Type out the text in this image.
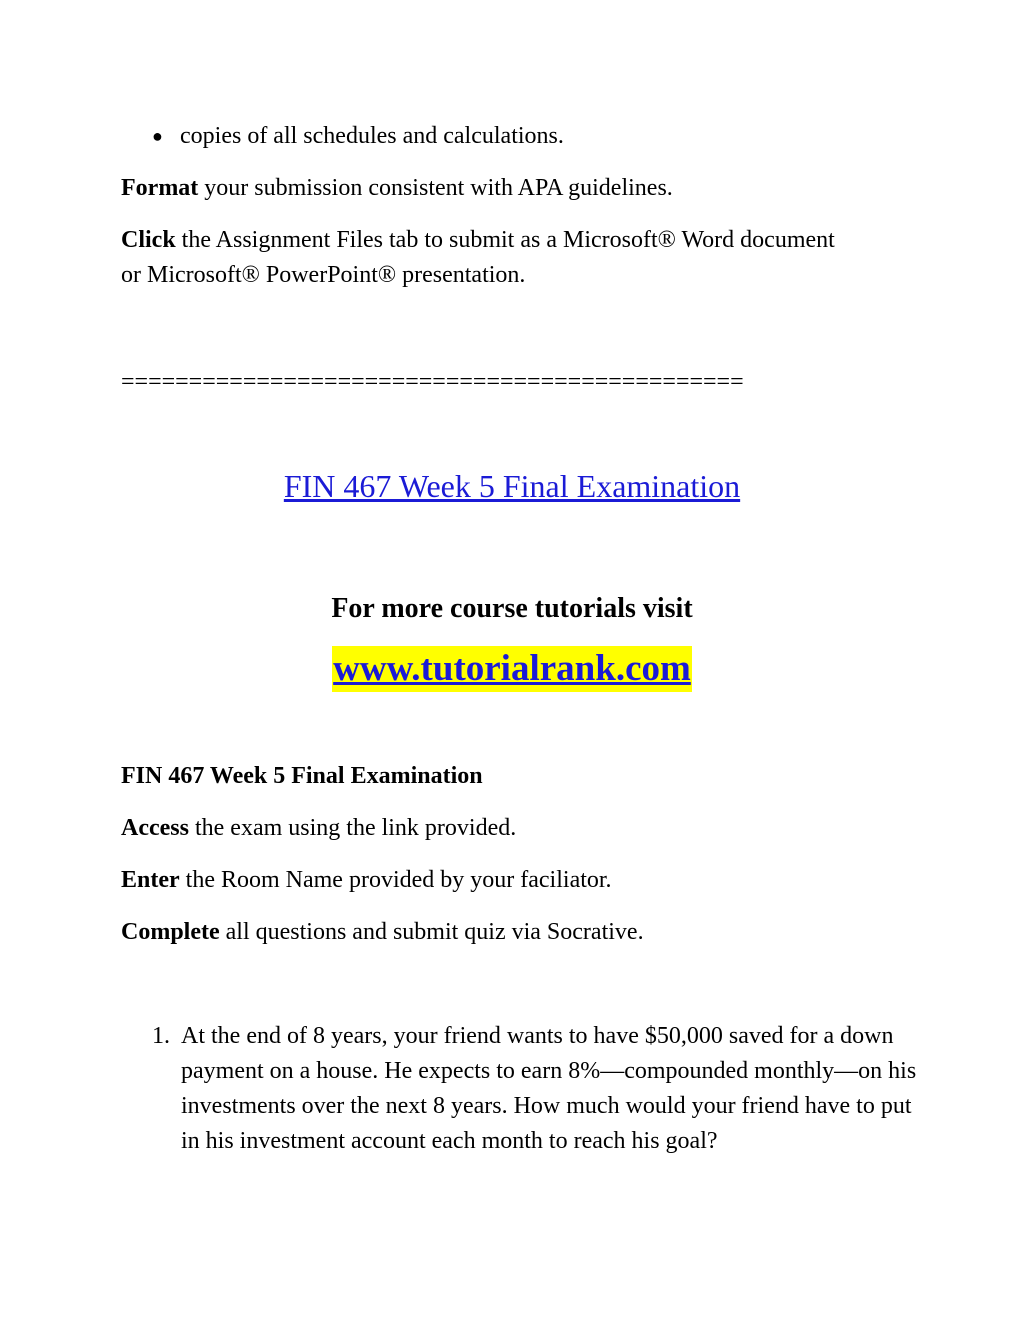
● copies of all schedules and calculations.

Format your submission consistent with APA guidelines.

Click the Assignment Files tab to submit as a Microsoft® Word document or Microsoft® PowerPoint® presentation.

==============================================
FIN 467 Week 5 Final Examination
For more course tutorials visit
www.tutorialrank.com

FIN 467 Week 5 Final Examination

Access the exam using the link provided.

Enter the Room Name provided by your faciliator.

Complete all questions and submit quiz via Socrative.

1. At the end of 8 years, your friend wants to have $50,000 saved for a down payment on a house. He expects to earn 8%—compounded monthly—on his investments over the next 8 years. How much would your friend have to put in his investment account each month to reach his goal?
